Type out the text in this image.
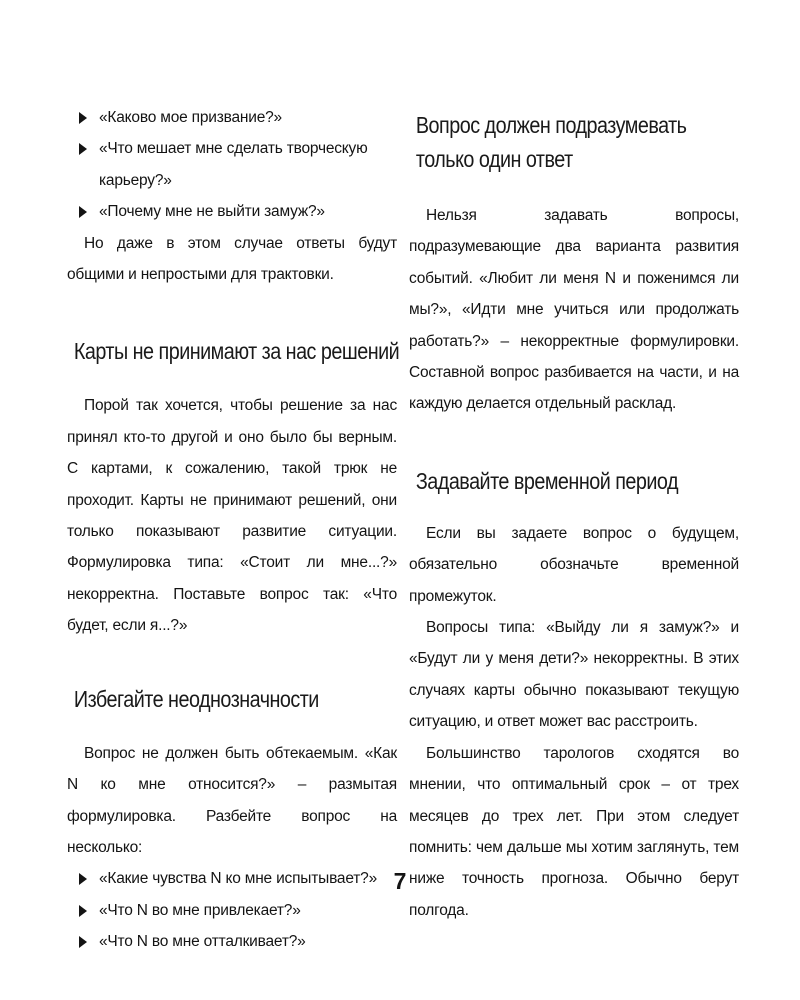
«Каково мое призвание?»
«Что мешает мне сделать творческую карьеру?»
«Почему мне не выйти замуж?»

Но даже в этом случае ответы будут общими и непростыми для трактовки.

Карты не принимают за нас решений

Порой так хочется, чтобы решение за нас принял кто-то другой и оно было бы верным. С картами, к сожалению, такой трюк не проходит. Карты не принимают решений, они только показывают развитие ситуации. Формулировка типа: «Стоит ли мне...?» некорректна. Поставьте вопрос так: «Что будет, если я...?»

Избегайте неоднозначности

Вопрос не должен быть обтекаемым. «Как N ко мне относится?» – размытая формулировка. Разбейте вопрос на несколько:

«Какие чувства N ко мне испытывает?»
«Что N во мне привлекает?»
«Что N во мне отталкивает?»
Вопрос должен подразумевать
только один ответ

Нельзя задавать вопросы, подразумевающие два варианта развития событий. «Любит ли меня N и поженимся ли мы?», «Идти мне учиться или продолжать работать?» – некорректные формулировки. Составной вопрос разбивается на части, и на каждую делается отдельный расклад.

Задавайте временной период

Если вы задаете вопрос о будущем, обязательно обозначьте временной промежуток.

Вопросы типа: «Выйду ли я замуж?» и «Будут ли у меня дети?» некорректны. В этих случаях карты обычно показывают текущую ситуацию, и ответ может вас расстроить.

Большинство тарологов сходятся во мнении, что оптимальный срок – от трех месяцев до трех лет. При этом следует помнить: чем дальше мы хотим заглянуть, тем ниже точность прогноза. Обычно берут полгода.

7
